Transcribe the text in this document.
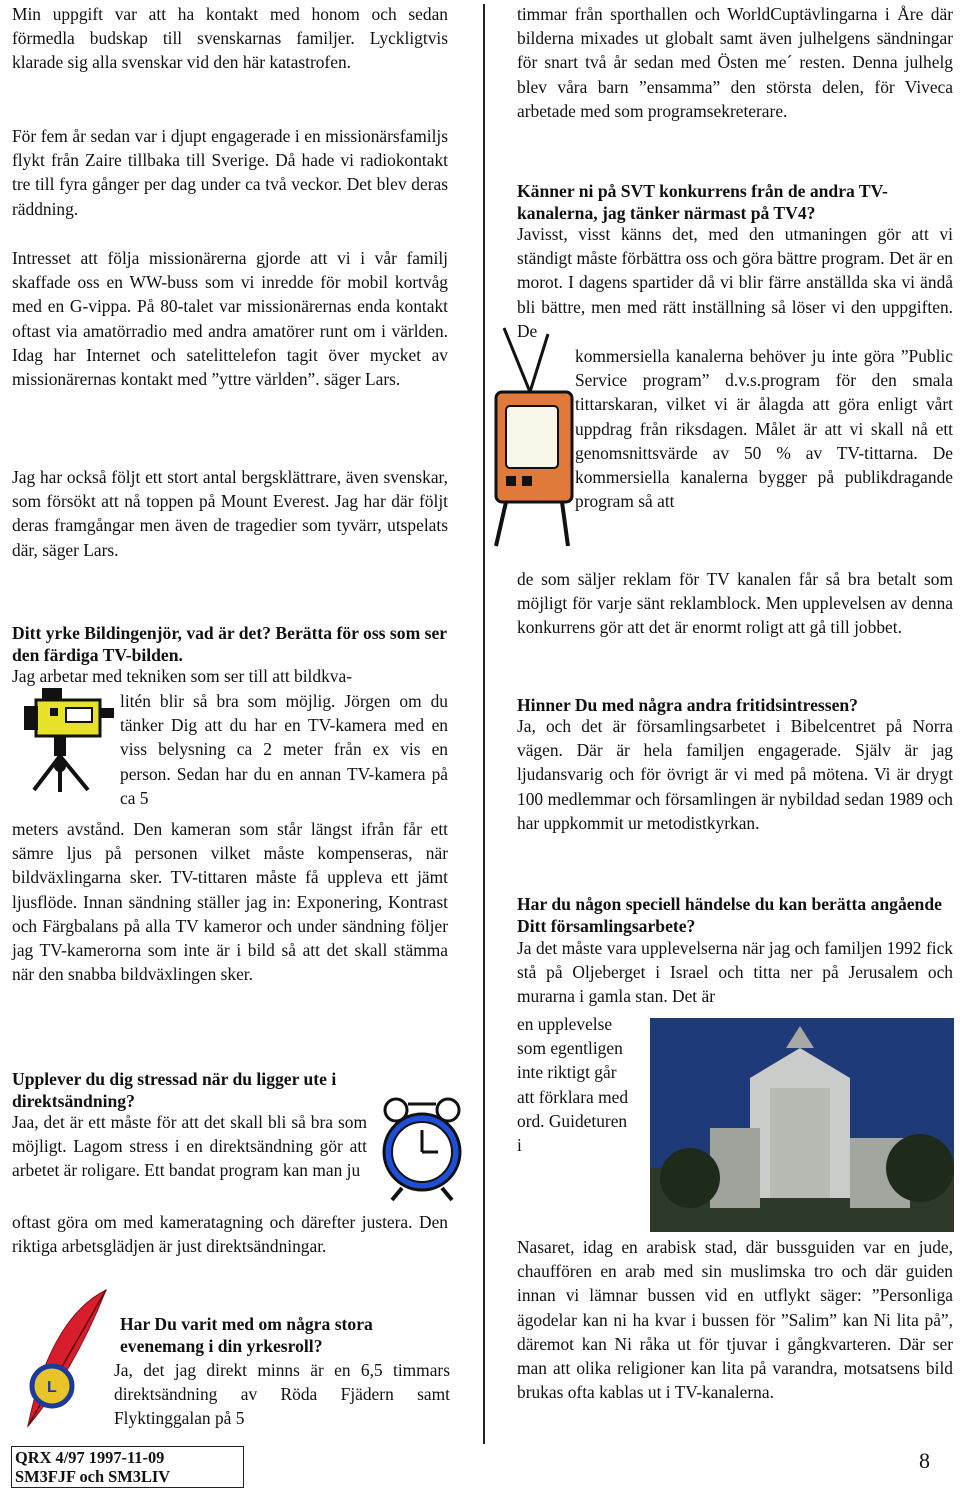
Min uppgift var att ha kontakt med honom och sedan förmedla budskap till svenskarnas familjer. Lyckligtvis klarade sig alla svenskar vid den här katastrofen.
För fem år sedan var i djupt engagerade i en missionärsfamiljs flykt från Zaire tillbaka till Sverige. Då hade vi radiokontakt tre till fyra gånger per dag under ca två veckor. Det blev deras räddning.
Intresset att följa missionärerna gjorde att vi i vår familj skaffade oss en WW-buss som vi inredde för mobil kortvåg med en G-vippa. På 80-talet var missionärernas enda kontakt oftast via amatörradio med andra amatörer runt om i världen. Idag har Internet och satelittelefon tagit över mycket av missionärernas kontakt med ”yttre världen”. säger Lars.
Jag har också följt ett stort antal bergsklättrare, även svenskar, som försökt att nå toppen på Mount Everest. Jag har där följt deras framgångar men även de tragedier som tyvärr, utspelats där, säger Lars.
Ditt yrke Bildingenjör, vad är det? Berätta för oss som ser den färdiga TV-bilden.
Jag arbetar med tekniken som ser till att bildkva-
litén blir så bra som möjlig. Jörgen om du tänker Dig att du har en TV-kamera med en viss belysning ca 2 meter från ex vis en person. Sedan har du en annan TV-kamera på ca 5
meters avstånd. Den kameran som står längst ifrån får ett sämre ljus på personen vilket måste kompenseras, när bildväxlingarna sker. TV-tittaren måste få uppleva ett jämt ljusflöde. Innan sändning ställer jag in: Exponering, Kontrast och Färgbalans på alla TV kameror och under sändning följer jag TV-kamerorna som inte är i bild så att det skall stämma när den snabba bildväxlingen sker.
Upplever du dig stressad när du ligger ute i direktsändning?
Jaa, det är ett måste för att det skall bli så bra som möjligt. Lagom stress i en direktsändning gör att arbetet är roligare. Ett bandat program kan man ju
oftast göra om med kameratagning och därefter justera. Den riktiga arbetsglädjen är just direktsändningar.
Har Du varit med om några stora evenemang i din yrkesroll?
Ja, det jag direkt minns är en 6,5 timmars direktsändning av Röda Fjädern samt Flyktinggalan på 5
L
timmar från sporthallen och WorldCuptävlingarna i Åre där bilderna mixades ut globalt samt även julhelgens sändningar för snart två år sedan med Östen me´ resten. Denna julhelg blev våra barn ”ensamma” den största delen, för Viveca arbetade med som programsekreterare.
Känner ni på SVT konkurrens från de andra TV-kanalerna, jag tänker närmast på TV4?
Javisst, visst känns det, med den utmaningen gör att vi ständigt måste förbättra oss och göra bättre program. Det är en morot. I dagens spartider då vi blir färre anställda ska vi ändå bli bättre, men med rätt inställning så löser vi den uppgiften. De
kommersiella kanalerna behöver ju inte göra ”Public Service program” d.v.s.program för den smala tittarskaran, vilket vi är ålagda att göra enligt vårt uppdrag från riksdagen. Målet är att vi skall nå ett genomsnittsvärde av 50 % av TV-tittarna. De kommersiella kanalerna bygger på publikdragande program så att
de som säljer reklam för TV kanalen får så bra betalt som möjligt för varje sänt reklamblock. Men upplevelsen av denna konkurrens gör att det är enormt roligt att gå till jobbet.
Hinner Du med några andra fritidsintressen?
Ja, och det är församlingsarbetet i Bibelcentret på Norra vägen. Där är hela familjen engagerade. Själv är jag ljudansvarig och för övrigt är vi med på mötena. Vi är drygt 100 medlemmar och församlingen är nybildad sedan 1989 och har uppkommit ur metodistkyrkan.
Har du någon speciell händelse du kan berätta angående Ditt församlingsarbete?
Ja det måste vara upplevelserna när jag och familjen 1992 fick stå på Oljeberget i Israel och titta ner på Jerusalem och murarna i gamla stan. Det är
en upplevelse som egentligen inte riktigt går att förklara med ord. Guideturen i
Nasaret, idag en arabisk stad, där bussguiden var en jude, chauffören en arab med sin muslimska tro och där guiden innan vi lämnar bussen vid en utflykt säger: ”Personliga ägodelar kan ni ha kvar i bussen för ”Salim” kan Ni lita på”, däremot kan Ni råka ut för tjuvar i gångkvarteren. Där ser man att olika religioner kan lita på varandra, motsatsens bild brukas ofta kablas ut i TV-kanalerna.
QRX 4/97 1997-11-09
SM3FJF och SM3LIV
8
